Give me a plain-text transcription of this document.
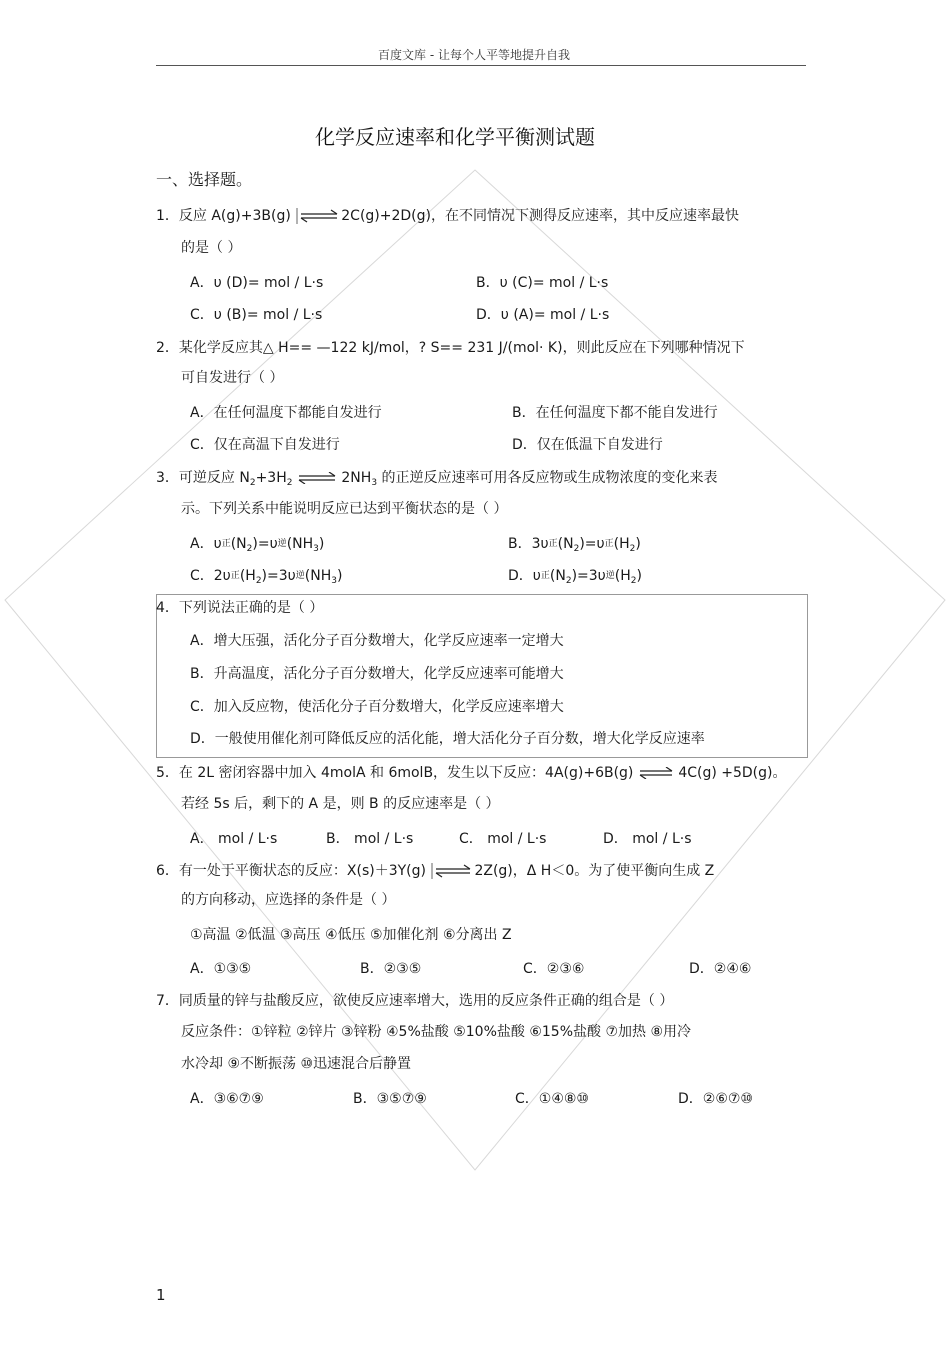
百度文库 - 让每个人平等地提升自我
化学反应速率和化学平衡测试题
一、选择题。
1．反应 A(g)+3B(g) ⇌2C(g)+2D(g)，在不同情况下测得反应速率，其中反应速率最快
的是（ ）
A．υ (D)= mol / L·s	B．υ (C)= mol / L·s
C．υ (B)= mol / L·s	D．υ (A)= mol / L·s
2．某化学反应其△ H== —122 kJ/mol，? S== 231 J/(mol· K)，则此反应在下列哪种情况下
可自发进行（ ）
A．在任何温度下都能自发进行	B．在任何温度下都不能自发进行
C．仅在高温下自发进行	D．仅在低温下自发进行
3．可逆反应 $N_2+3H_2$ ⇌ $2NH_3$ 的正逆反应速率可用各反应物或生成物浓度的变化来表
示。下列关系中能说明反应已达到平衡状态的是（ ）
A．υ正$(N_2)=\upsilon$逆$(NH_3)$	B．3υ正$(N_2)=\upsilon$正$(H_2)$
C．2υ正$(H_2)=3\upsilon$逆$(NH_3)$	D．υ正$(N_2)=3\upsilon$逆$(H_2)$
4．下列说法正确的是（ ）
A．增大压强，活化分子百分数增大，化学反应速率一定增大
B．升高温度，活化分子百分数增大，化学反应速率可能增大
C．加入反应物，使活化分子百分数增大，化学反应速率增大
D．一般使用催化剂可降低反应的活化能，增大活化分子百分数，增大化学反应速率
5．在 2L 密闭容器中加入 4molA 和 6molB，发生以下反应：4A(g)+6B(g) ⇌ 4C(g) +5D(g)。
若经 5s 后，剩下的 A 是，则 B 的反应速率是（ ）
A． mol / L·s	B． mol / L·s	C． mol / L·s	D． mol / L·s
6．有一处于平衡状态的反应：X(s)＋3Y(g) ⇌2Z(g)，Δ H＜0。为了使平衡向生成 Z
的方向移动，应选择的条件是（ ）
①高温 ②低温 ③高压 ④低压 ⑤加催化剂 ⑥分离出 Z
A．①③⑤	B．②③⑤	C．②③⑥	D．②④⑥
7．同质量的锌与盐酸反应，欲使反应速率增大，选用的反应条件正确的组合是（ ）
反应条件：①锌粒 ②锌片 ③锌粉 ④5%盐酸 ⑤10%盐酸 ⑥15%盐酸 ⑦加热 ⑧用冷
水冷却 ⑨不断振荡 ⑩迅速混合后静置
A．③⑥⑦⑨	B．③⑤⑦⑨	C．①④⑧⑩	D．②⑥⑦⑩
1
